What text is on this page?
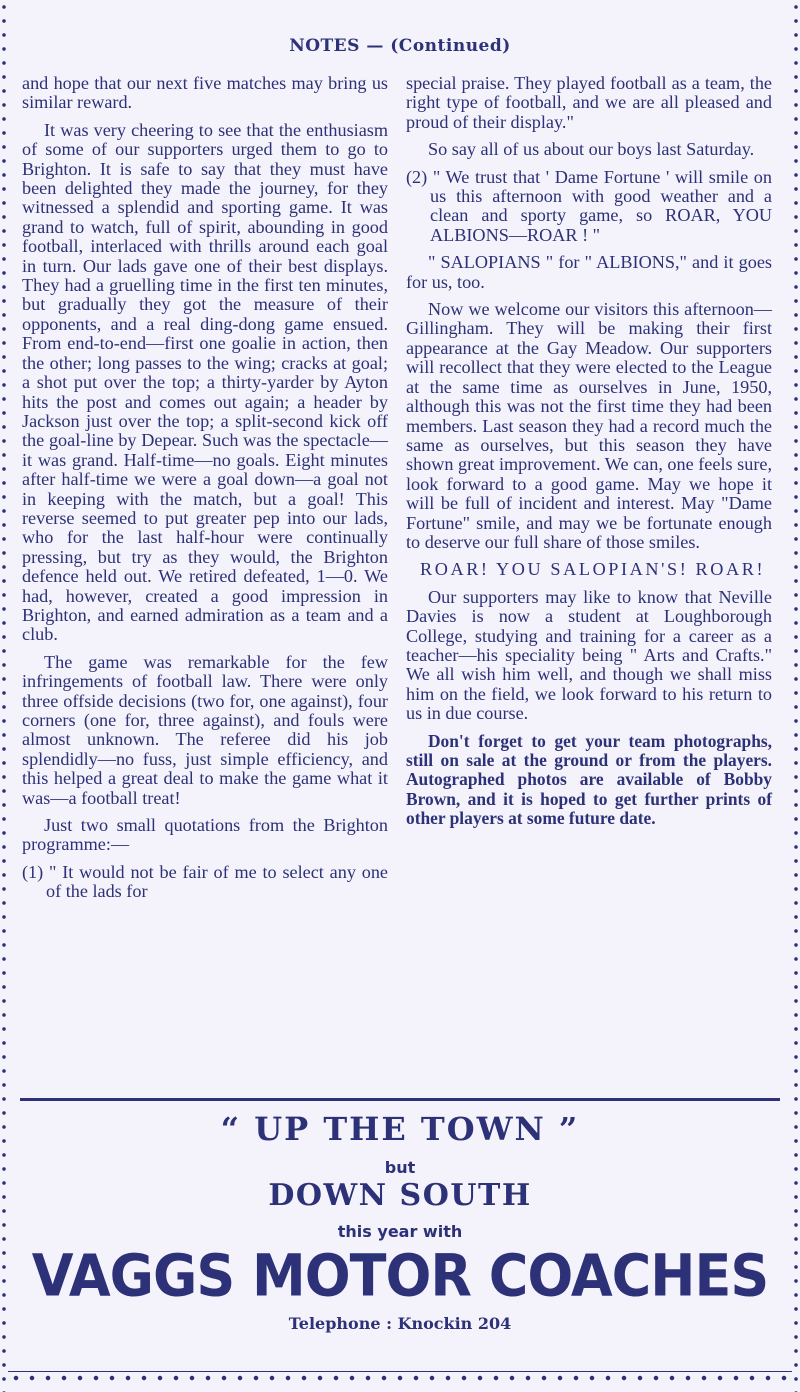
NOTES — (Continued)

and hope that our next five matches may bring us similar reward.

It was very cheering to see that the enthusiasm of some of our supporters urged them to go to Brighton. It is safe to say that they must have been delighted they made the journey, for they witnessed a splendid and sporting game. It was grand to watch, full of spirit, abounding in good football, interlaced with thrills around each goal in turn. Our lads gave one of their best displays. They had a gruelling time in the first ten minutes, but gradually they got the measure of their opponents, and a real ding-dong game ensued. From end-to-end—first one goalie in action, then the other; long passes to the wing; cracks at goal; a shot put over the top; a thirty-yarder by Ayton hits the post and comes out again; a header by Jackson just over the top; a split-second kick off the goal-line by Depear. Such was the spectacle—it was grand. Half-time—no goals. Eight minutes after half-time we were a goal down—a goal not in keeping with the match, but a goal! This reverse seemed to put greater pep into our lads, who for the last half-hour were continually pressing, but try as they would, the Brighton defence held out. We retired defeated, 1—0. We had, however, created a good impression in Brighton, and earned admiration as a team and a club.

The game was remarkable for the few infringements of football law. There were only three offside decisions (two for, one against), four corners (one for, three against), and fouls were almost unknown. The referee did his job splendidly—no fuss, just simple efficiency, and this helped a great deal to make the game what it was—a football treat!

Just two small quotations from the Brighton programme:—

(1) " It would not be fair of me to select any one of the lads for

special praise. They played football as a team, the right type of football, and we are all pleased and proud of their display."

So say all of us about our boys last Saturday.

(2) " We trust that ' Dame Fortune ' will smile on us this afternoon with good weather and a clean and sporty game, so ROAR, YOU ALBIONS—ROAR ! "

" SALOPIANS " for " ALBIONS," and it goes for us, too.

Now we welcome our visitors this afternoon—Gillingham. They will be making their first appearance at the Gay Meadow. Our supporters will recollect that they were elected to the League at the same time as ourselves in June, 1950, although this was not the first time they had been members. Last season they had a record much the same as ourselves, but this season they have shown great improvement. We can, one feels sure, look forward to a good game. May we hope it will be full of incident and interest. May "Dame Fortune" smile, and may we be fortunate enough to deserve our full share of those smiles.

ROAR! YOU SALOPIAN'S! ROAR!

Our supporters may like to know that Neville Davies is now a student at Loughborough College, studying and training for a career as a teacher—his speciality being " Arts and Crafts." We all wish him well, and though we shall miss him on the field, we look forward to his return to us in due course.

Don't forget to get your team photographs, still on sale at the ground or from the players. Autographed photos are available of Bobby Brown, and it is hoped to get further prints of other players at some future date.

“ UP THE TOWN ”
but
DOWN SOUTH
this year with
VAGGS MOTOR COACHES
Telephone : Knockin 204
